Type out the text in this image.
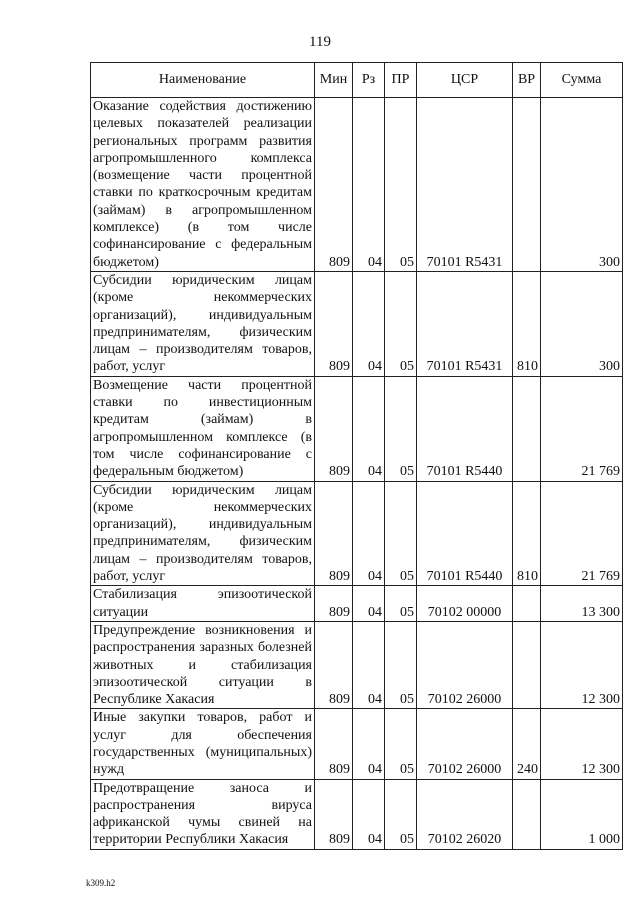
119
Наименование	Мин	Рз	ПР	ЦСР	ВР	Сумма
Оказание содействия достижению целевых показателей реализации региональных программ развития агропромышленного комплекса (возмещение части процентной ставки по краткосрочным кредитам (займам) в агропромышленном комплексе) (в том числе софинансирование с федеральным бюджетом)	809	04	05	70101 R5431		300
Субсидии юридическим лицам (кроме некоммерческих организаций), индивидуальным предпринимателям, физическим лицам – производителям товаров, работ, услуг	809	04	05	70101 R5431	810	300
Возмещение части процентной ставки по инвестиционным кредитам (займам) в агропромышленном комплексе (в том числе софинансирование с федеральным бюджетом)	809	04	05	70101 R5440		21 769
Субсидии юридическим лицам (кроме некоммерческих организаций), индивидуальным предпринимателям, физическим лицам – производителям товаров, работ, услуг	809	04	05	70101 R5440	810	21 769
Стабилизация эпизоотической ситуации	809	04	05	70102 00000		13 300
Предупреждение возникновения и распространения заразных болезней животных и стабилизация эпизоотической ситуации в Республике Хакасия	809	04	05	70102 26000		12 300
Иные закупки товаров, работ и услуг для обеспечения государственных (муниципальных) нужд	809	04	05	70102 26000	240	12 300
Предотвращение заноса и распространения вируса африканской чумы свиней на территории Республики Хакасия	809	04	05	70102 26020		1 000
k309.h2
